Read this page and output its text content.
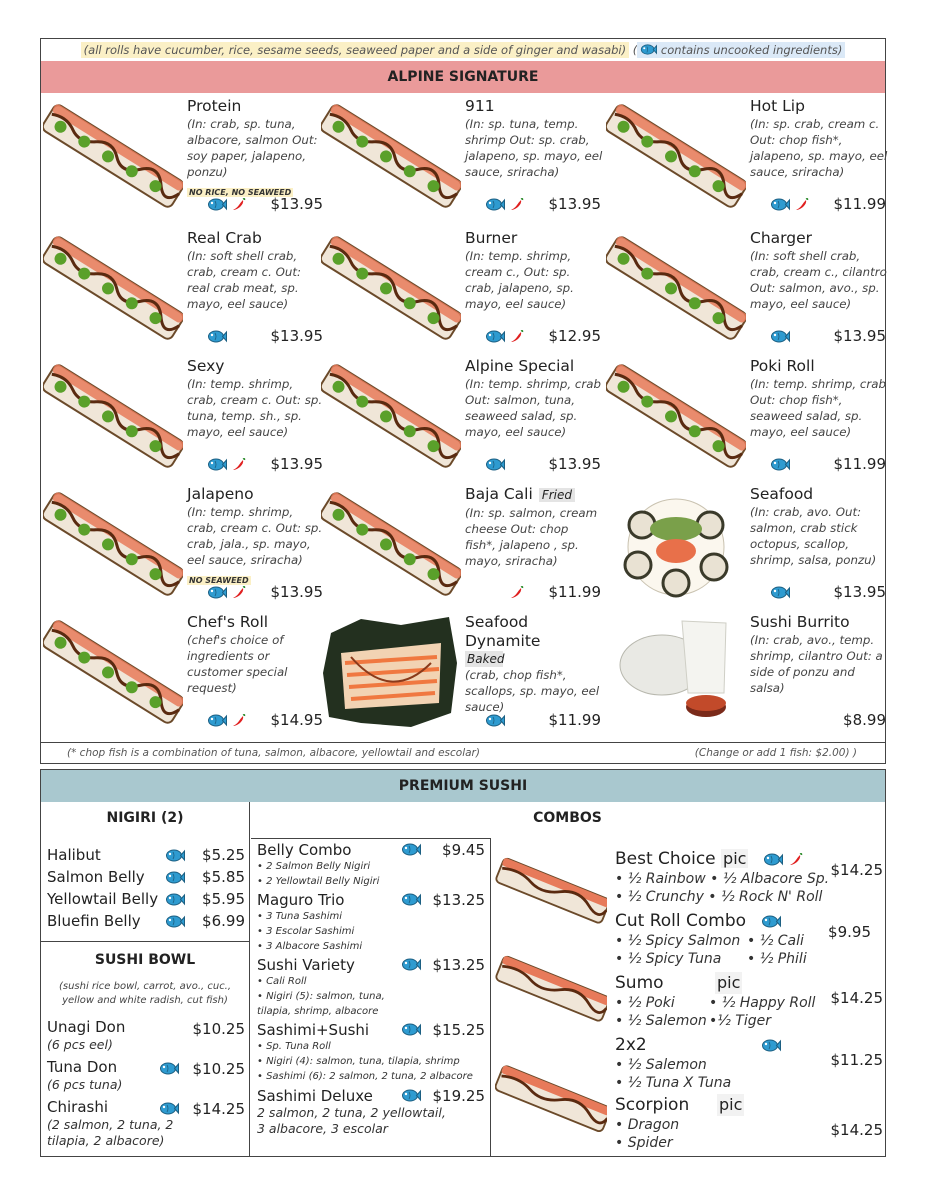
(all rolls have cucumber, rice, sesame seeds, seaweed paper and a side of ginger and wasabi) ( contains uncooked ingredients)
ALPINE SIGNATURE
Protein
(In: crab, sp. tuna, albacore, salmon Out: soy paper, jalapeno, ponzu)
NO RICE, NO SEAWEED
$13.95
911
(In: sp. tuna, temp. shrimp Out: sp. crab, jalapeno, sp. mayo, eel sauce, sriracha)
$13.95
Hot Lip
(In: sp. crab, cream c. Out: chop fish*, jalapeno, sp. mayo, eel sauce, sriracha)
$11.99
Real Crab
(In: soft shell crab, crab, cream c. Out: real crab meat, sp. mayo, eel sauce)
$13.95
Burner
(In: temp. shrimp, cream c., Out: sp. crab, jalapeno, sp. mayo, eel sauce)
$12.95
Charger
(In: soft shell crab, crab, cream c., cilantro Out: salmon, avo., sp. mayo, eel sauce)
$13.95
Sexy
(In: temp. shrimp, crab, cream c. Out: sp. tuna, temp. sh., sp. mayo, eel sauce)
$13.95
Alpine Special
(In: temp. shrimp, crab Out: salmon, tuna, seaweed salad, sp. mayo, eel sauce)
$13.95
Poki Roll
(In: temp. shrimp, crab Out: chop fish*, seaweed salad, sp. mayo, eel sauce)
$11.99
Jalapeno
(In: temp. shrimp, crab, cream c. Out: sp. crab, jala., sp. mayo, eel sauce, sriracha)
NO SEAWEED
$13.95
Baja Cali Fried
(In: sp. salmon, cream cheese Out: chop fish*, jalapeno , sp. mayo, sriracha)
$11.99
Seafood
(In: crab, avo. Out: salmon, crab stick octopus, scallop, shrimp, salsa, ponzu)
$13.95
Chef's Roll
(chef's choice of ingredients or customer special request)
$14.95
Seafood Dynamite
Baked
(crab, chop fish*, scallops, sp. mayo, eel sauce)
$11.99
Sushi Burrito
(In: crab, avo., temp. shrimp, cilantro Out: a side of ponzu and salsa)
$8.99
(* chop fish is a combination of tuna, salmon, albacore, yellowtail and escolar)	(Change or add 1 fish: $2.00) )
PREMIUM SUSHI
NIGIRI (2)
Halibut	$5.25
Salmon Belly	$5.85
Yellowtail Belly	$5.95
Bluefin Belly	$6.99
SUSHI BOWL
(sushi rice bowl, carrot, avo., cuc., yellow and white radish, cut fish)
Unagi Don
(6 pcs eel)
$10.25
Tuna Don
(6 pcs tuna)
$10.25
Chirashi
(2 salmon, 2 tuna, 2 tilapia, 2 albacore)
$14.25
COMBOS
Belly Combo	$9.45
• 2 Salmon Belly Nigiri
• 2 Yellowtail Belly Nigiri
Maguro Trio	$13.25
• 3 Tuna Sashimi
• 3 Escolar Sashimi
• 3 Albacore Sashimi
Sushi Variety	$13.25
• Cali Roll
• Nigiri (5): salmon, tuna,
tilapia, shrimp, albacore
Sashimi+Sushi	$15.25
• Sp. Tuna Roll
• Nigiri (4): salmon, tuna, tilapia, shrimp
• Sashimi (6): 2 salmon, 2 tuna, 2 albacore
Sashimi Deluxe	$19.25
2 salmon, 2 tuna, 2 yellowtail,
3 albacore, 3 escolar
Best Choice pic
$14.25
• ½ Rainbow • ½ Albacore Sp.
• ½ Crunchy • ½ Rock N' Roll
Cut Roll Combo
$9.95
• ½ Spicy Salmon • ½ Cali
• ½ Spicy Tuna • ½ Phili
Sumo	pic
$14.25
• ½ Poki • ½ Happy Roll
• ½ Salemon •½ Tiger
2x2
$11.25
• ½ Salemon
• ½ Tuna X Tuna
Scorpion pic
$14.25
• Dragon
• Spider
